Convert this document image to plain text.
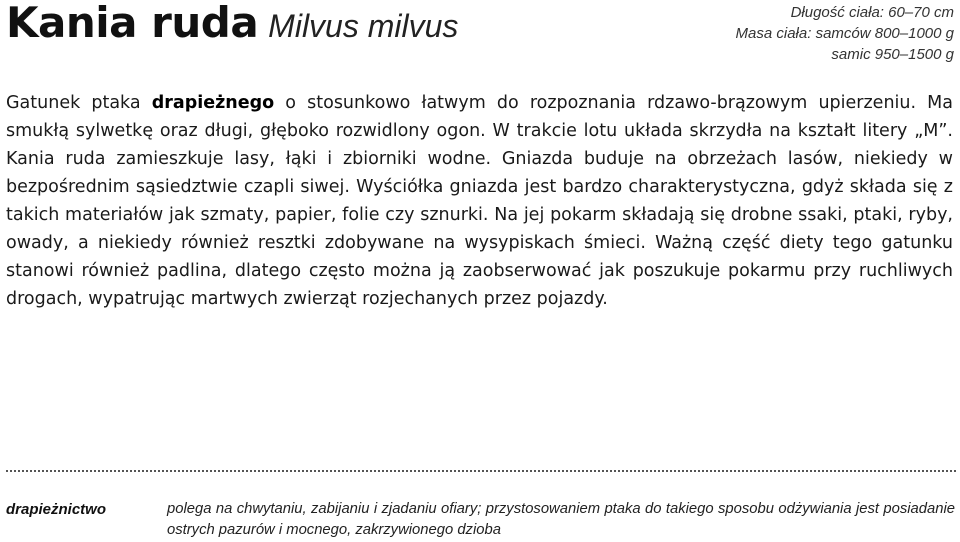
Kania ruda Milvus milvus	Długość ciała: 60–70 cm
Masa ciała: samców 800–1000 g
samic 950–1500 g

Gatunek ptaka drapieżnego o stosunkowo łatwym do rozpoznania rdzawo-brązowym upierzeniu. Ma smukłą sylwetkę oraz długi, głęboko rozwidlony ogon. W trakcie lotu układa skrzydła na kształt litery „M”. Kania ruda zamieszkuje lasy, łąki i zbiorniki wodne. Gniazda buduje na obrzeżach lasów, niekiedy w bezpośrednim sąsiedztwie czapli siwej. Wyściółka gniazda jest bardzo charakterystyczna, gdyż składa się z takich materiałów jak szmaty, papier, folie czy sznurki. Na jej pokarm składają się drobne ssaki, ptaki, ryby, owady, a niekiedy również resztki zdobywane na wysypiskach śmieci. Ważną część diety tego gatunku stanowi również padlina, dlatego często można ją zaobserwować jak poszukuje pokarmu przy ruchliwych drogach, wypatrując martwych zwierząt rozjechanych przez pojazdy.

drapieżnictwo	polega na chwytaniu, zabijaniu i zjadaniu ofiary; przystosowaniem ptaka do takiego sposobu odżywiania jest posiadanie ostrych pazurów i mocnego, zakrzywionego dzioba
